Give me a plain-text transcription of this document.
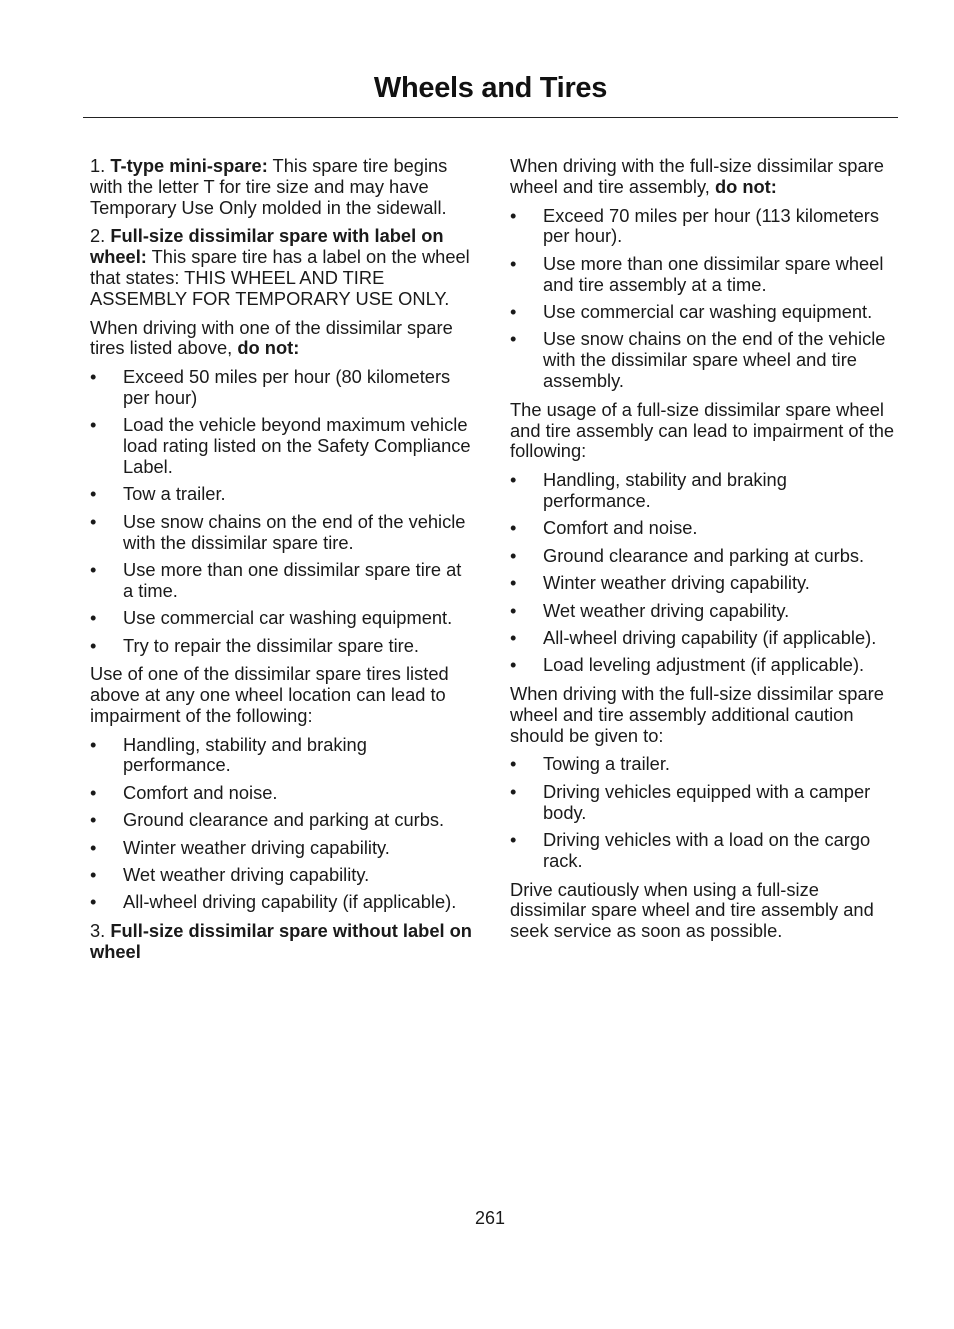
Wheels and Tires

1. T-type mini-spare: This spare tire begins with the letter T for tire size and may have Temporary Use Only molded in the sidewall.

2. Full-size dissimilar spare with label on wheel: This spare tire has a label on the wheel that states: THIS WHEEL AND TIRE ASSEMBLY FOR TEMPORARY USE ONLY.

When driving with one of the dissimilar spare tires listed above, do not:

• Exceed 50 miles per hour (80 kilometers per hour)
• Load the vehicle beyond maximum vehicle load rating listed on the Safety Compliance Label.
• Tow a trailer.
• Use snow chains on the end of the vehicle with the dissimilar spare tire.
• Use more than one dissimilar spare tire at a time.
• Use commercial car washing equipment.
• Try to repair the dissimilar spare tire.

Use of one of the dissimilar spare tires listed above at any one wheel location can lead to impairment of the following:

• Handling, stability and braking performance.
• Comfort and noise.
• Ground clearance and parking at curbs.
• Winter weather driving capability.
• Wet weather driving capability.
• All-wheel driving capability (if applicable).

3. Full-size dissimilar spare without label on wheel

When driving with the full-size dissimilar spare wheel and tire assembly, do not:

• Exceed 70 miles per hour (113 kilometers per hour).
• Use more than one dissimilar spare wheel and tire assembly at a time.
• Use commercial car washing equipment.
• Use snow chains on the end of the vehicle with the dissimilar spare wheel and tire assembly.

The usage of a full-size dissimilar spare wheel and tire assembly can lead to impairment of the following:

• Handling, stability and braking performance.
• Comfort and noise.
• Ground clearance and parking at curbs.
• Winter weather driving capability.
• Wet weather driving capability.
• All-wheel driving capability (if applicable).
• Load leveling adjustment (if applicable).

When driving with the full-size dissimilar spare wheel and tire assembly additional caution should be given to:

• Towing a trailer.
• Driving vehicles equipped with a camper body.
• Driving vehicles with a load on the cargo rack.

Drive cautiously when using a full-size dissimilar spare wheel and tire assembly and seek service as soon as possible.

261
